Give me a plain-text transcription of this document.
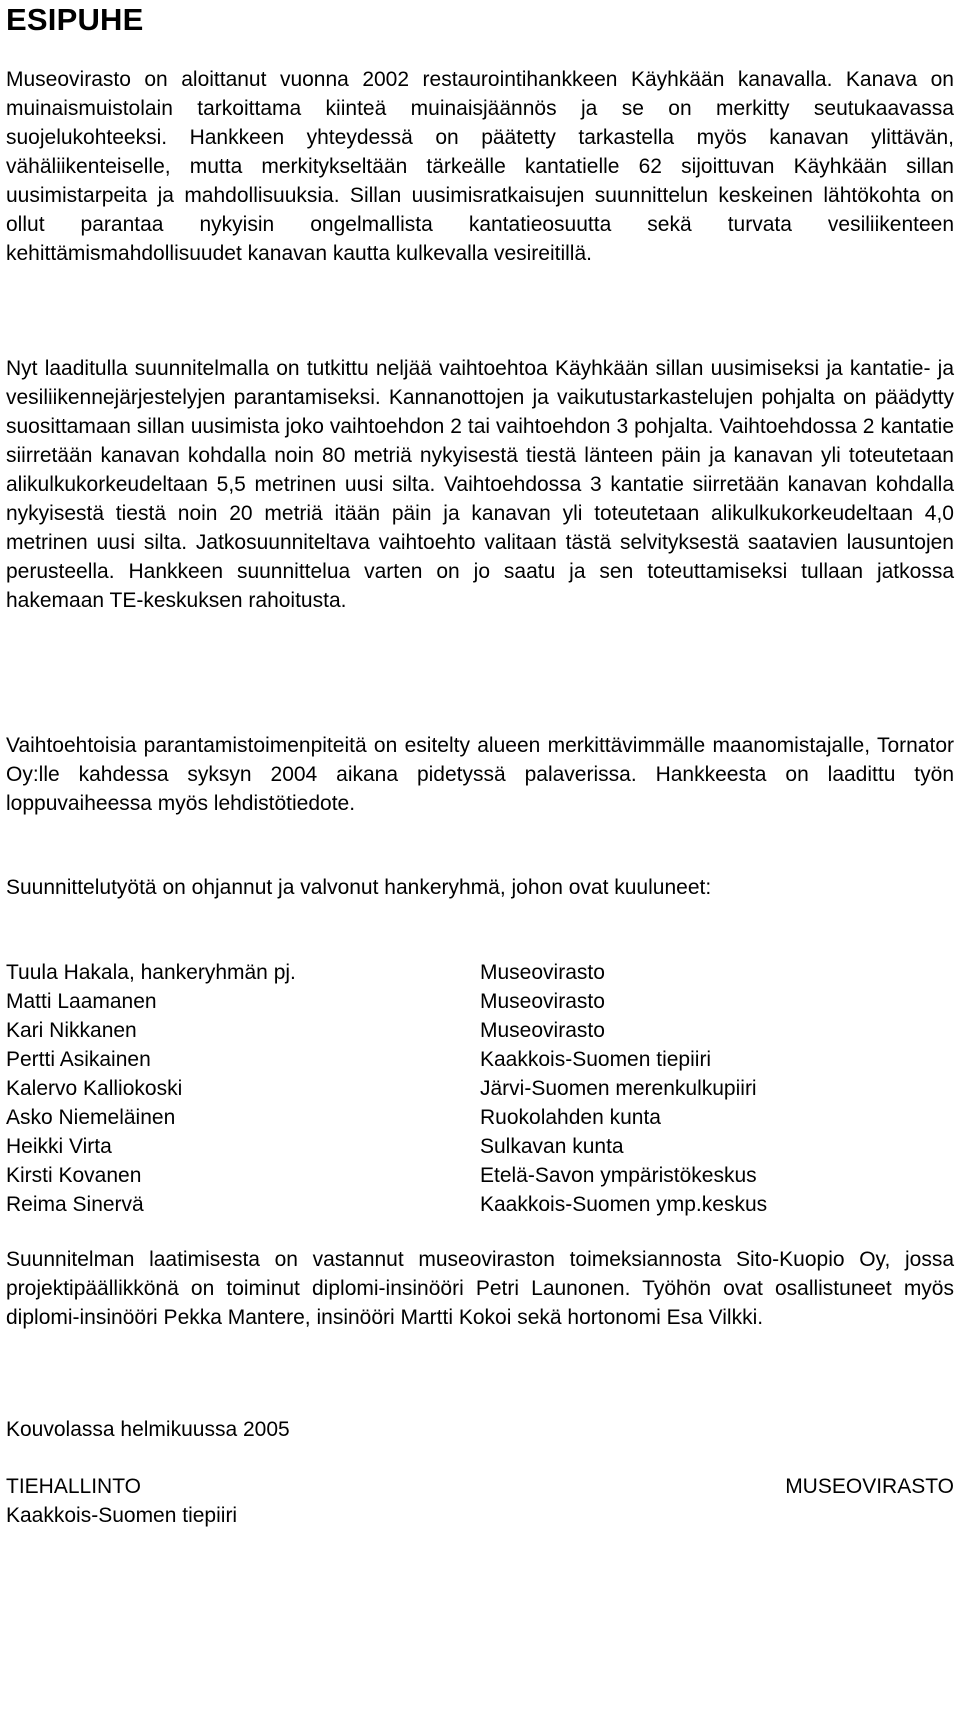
ESIPUHE

Museovirasto on aloittanut vuonna 2002 restaurointihankkeen Käyhkään kanavalla. Kanava on muinaismuistolain tarkoittama kiinteä muinaisjäännös ja se on merkitty seutukaavassa suojelukohteeksi. Hankkeen yhteydessä on päätetty tarkastella myös kanavan ylittävän, vähäliikenteiselle, mutta merkitykseltään tärkeälle kantatielle 62 sijoittuvan Käyhkään sillan uusimistarpeita ja mahdollisuuksia. Sillan uusimisratkaisujen suunnittelun keskeinen lähtökohta on ollut parantaa nykyisin ongelmallista kantatieosuutta sekä turvata vesiliikenteen kehittämismahdollisuudet kanavan kautta kulkevalla vesireitillä.

Nyt laaditulla suunnitelmalla on tutkittu neljää vaihtoehtoa Käyhkään sillan uusimiseksi ja kantatie- ja vesiliikennejärjestelyjen parantamiseksi. Kannanottojen ja vaikutustarkastelujen pohjalta on päädytty suosittamaan sillan uusimista joko vaihtoehdon 2 tai vaihtoehdon 3 pohjalta. Vaihtoehdossa 2 kantatie siirretään kanavan kohdalla noin 80 metriä nykyisestä tiestä länteen päin ja kanavan yli toteutetaan alikulkukorkeudeltaan 5,5 metrinen uusi silta. Vaihtoehdossa 3 kantatie siirretään kanavan kohdalla nykyisestä tiestä noin 20 metriä itään päin ja kanavan yli toteutetaan alikulkukorkeudeltaan 4,0 metrinen uusi silta. Jatkosuunniteltava vaihtoehto valitaan tästä selvityksestä saatavien lausuntojen perusteella. Hankkeen suunnittelua varten on jo saatu ja sen toteuttamiseksi tullaan jatkossa hakemaan TE-keskuksen rahoitusta.

Vaihtoehtoisia parantamistoimenpiteitä on esitelty alueen merkittävimmälle maanomistajalle, Tornator Oy:lle kahdessa syksyn 2004 aikana pidetyssä palaverissa. Hankkeesta on laadittu työn loppuvaiheessa myös lehdistötiedote.

Suunnittelutyötä on ohjannut ja valvonut hankeryhmä, johon ovat kuuluneet:

Tuula Hakala, hankeryhmän pj.	Museovirasto
Matti Laamanen	Museovirasto
Kari Nikkanen	Museovirasto
Pertti Asikainen	Kaakkois-Suomen tiepiiri
Kalervo Kalliokoski	Järvi-Suomen merenkulkupiiri
Asko Niemeläinen	Ruokolahden kunta
Heikki Virta	Sulkavan kunta
Kirsti Kovanen	Etelä-Savon ympäristökeskus
Reima Sinervä	Kaakkois-Suomen ymp.keskus

Suunnitelman laatimisesta on vastannut museoviraston toimeksiannosta Sito-Kuopio Oy, jossa projektipäällikkönä on toiminut diplomi-insinööri Petri Launonen. Työhön ovat osallistuneet myös diplomi-insinööri Pekka Mantere, insinööri Martti Kokoi sekä hortonomi Esa Vilkki.

Kouvolassa helmikuussa 2005
TIEHALLINTO
Kaakkois-Suomen tiepiiri
MUSEOVIRASTO
